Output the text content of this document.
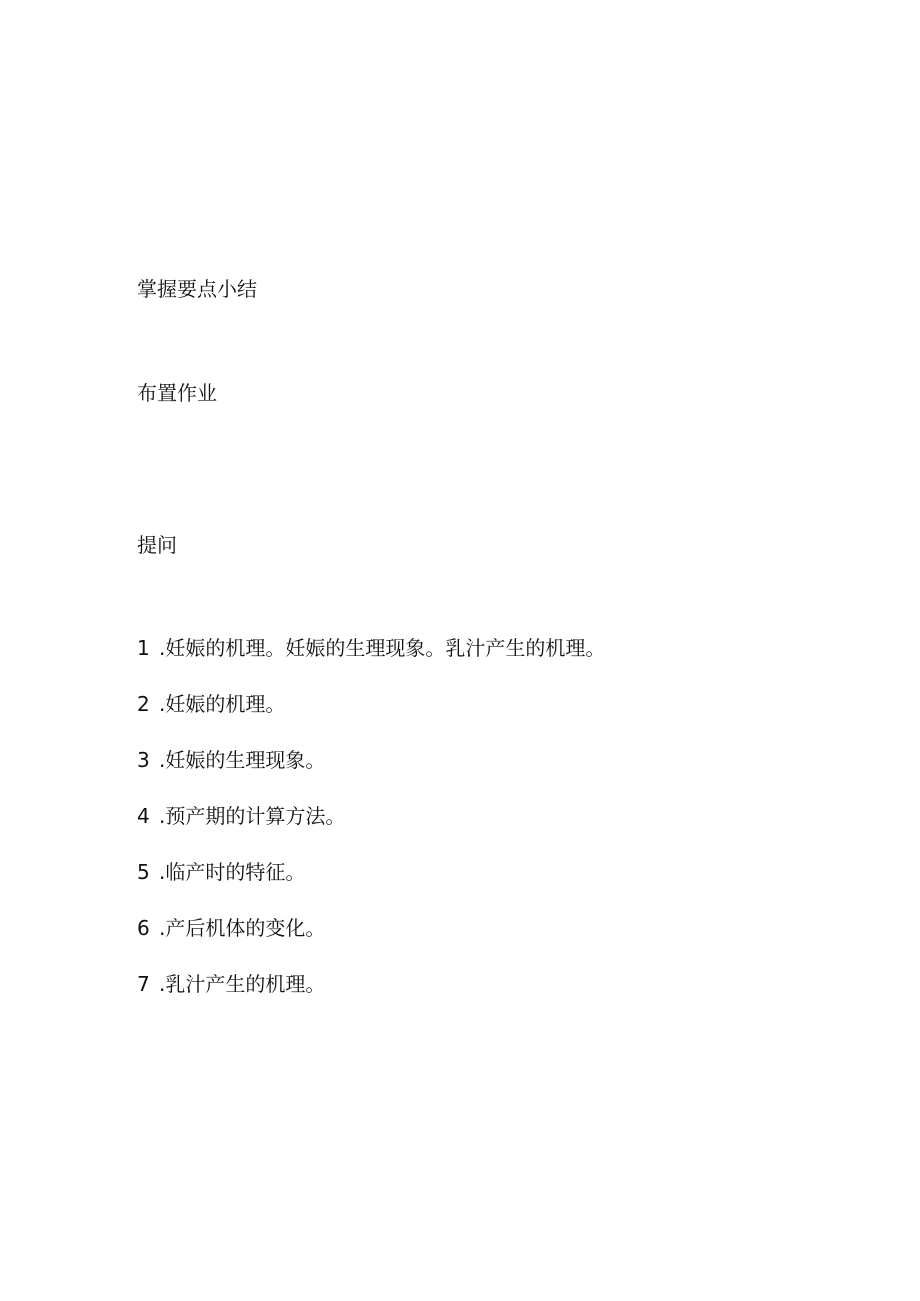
掌握要点小结
布置作业
提问
1 .妊娠的机理。妊娠的生理现象。乳汁产生的机理。
2 .妊娠的机理。
3 .妊娠的生理现象。
4 .预产期的计算方法。
5 .临产时的特征。
6 .产后机体的变化。
7 .乳汁产生的机理。
